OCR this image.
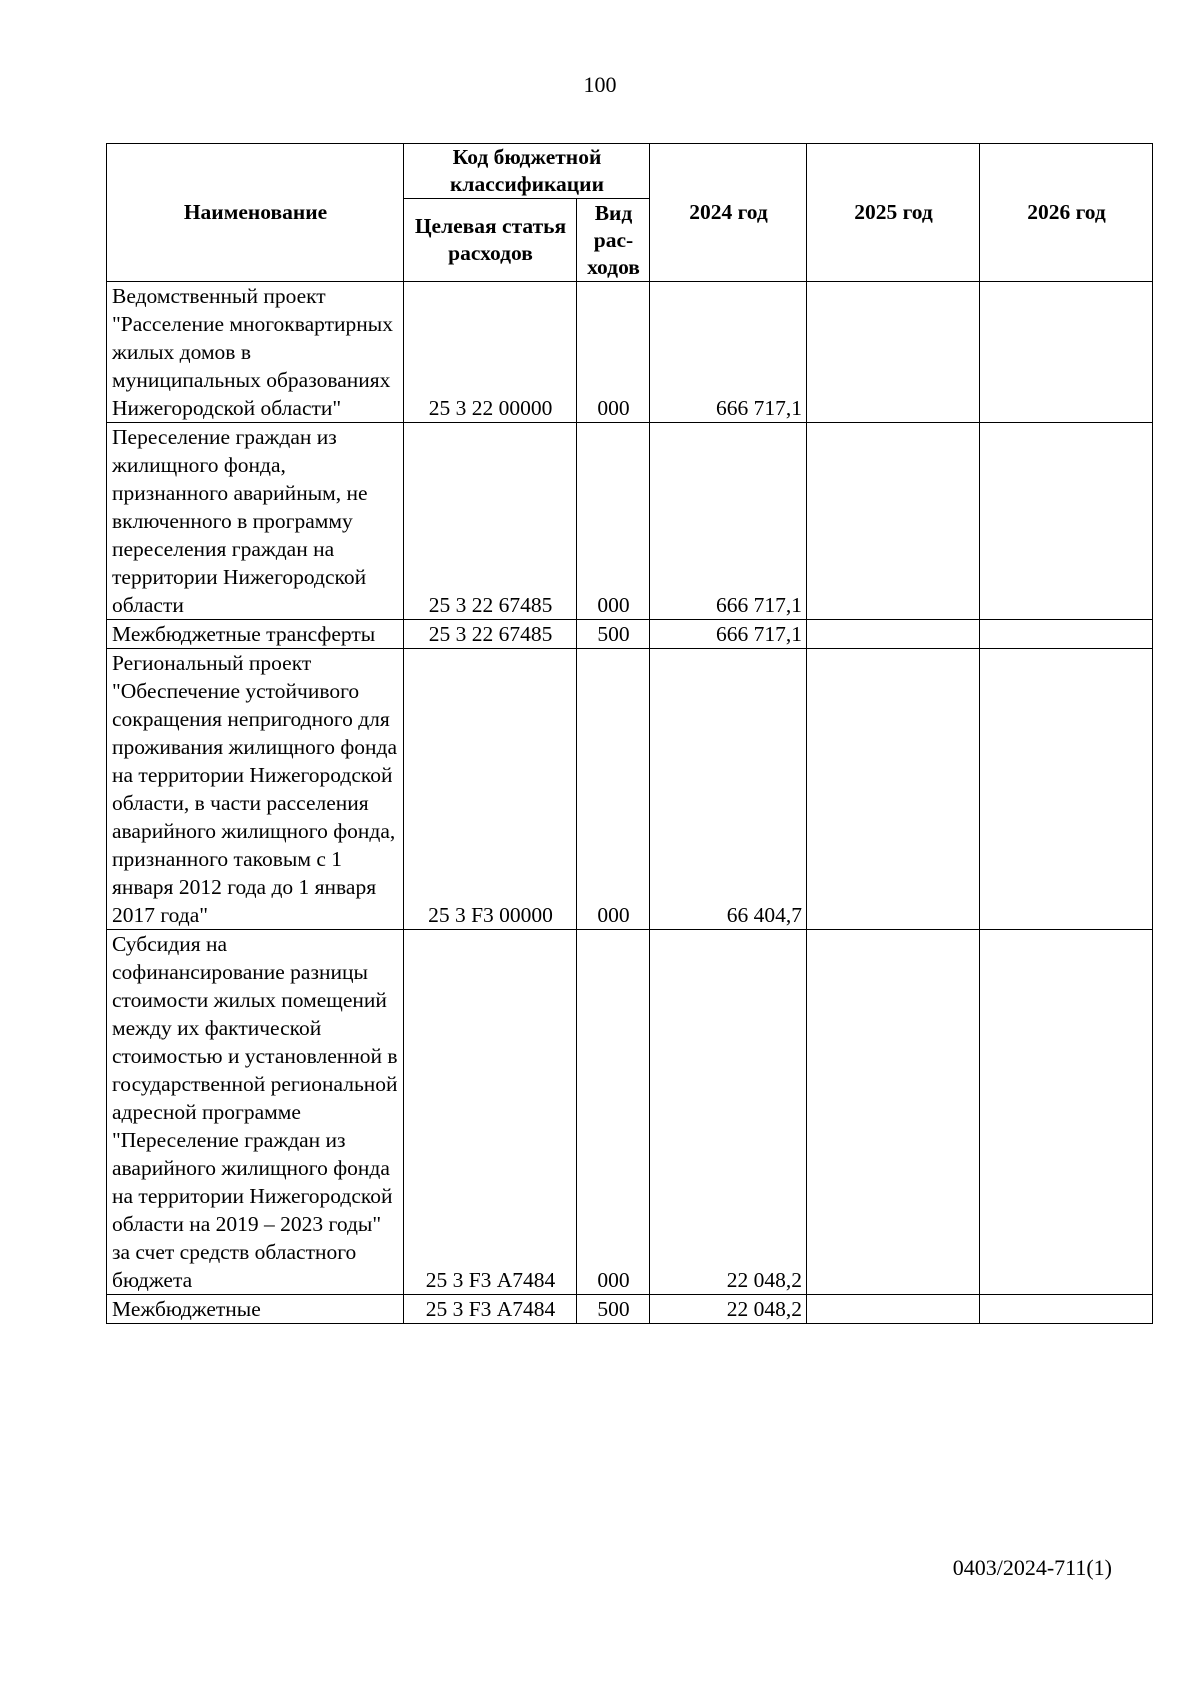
100
Наименование	Код бюджетной классификации		2024 год	2025 год	2026 год
	Целевая статья расходов	Вид рас- ходов			
Ведомственный проект "Расселение многоквартирных жилых домов в муниципальных образованиях Нижегородской области"	25 3 22 00000	000	666 717,1		
Переселение граждан из жилищного фонда, признанного аварийным, не включенного в программу переселения граждан на территории Нижегородской области	25 3 22 67485	000	666 717,1		
Межбюджетные трансферты	25 3 22 67485	500	666 717,1		
Региональный проект "Обеспечение устойчивого сокращения непригодного для проживания жилищного фонда на территории Нижегородской области, в части расселения аварийного жилищного фонда, признанного таковым с 1 января 2012 года до 1 января 2017 года"	25 3 F3 00000	000	66 404,7		
Субсидия на софинансирование разницы стоимости жилых помещений между их фактической стоимостью и установленной в государственной региональной адресной программе "Переселение граждан из аварийного жилищного фонда на территории Нижегородской области на 2019 – 2023 годы" за счет средств областного бюджета	25 3 F3 А7484	000	22 048,2		
Межбюджетные	25 3 F3 А7484	500	22 048,2		
0403/2024-711(1)
